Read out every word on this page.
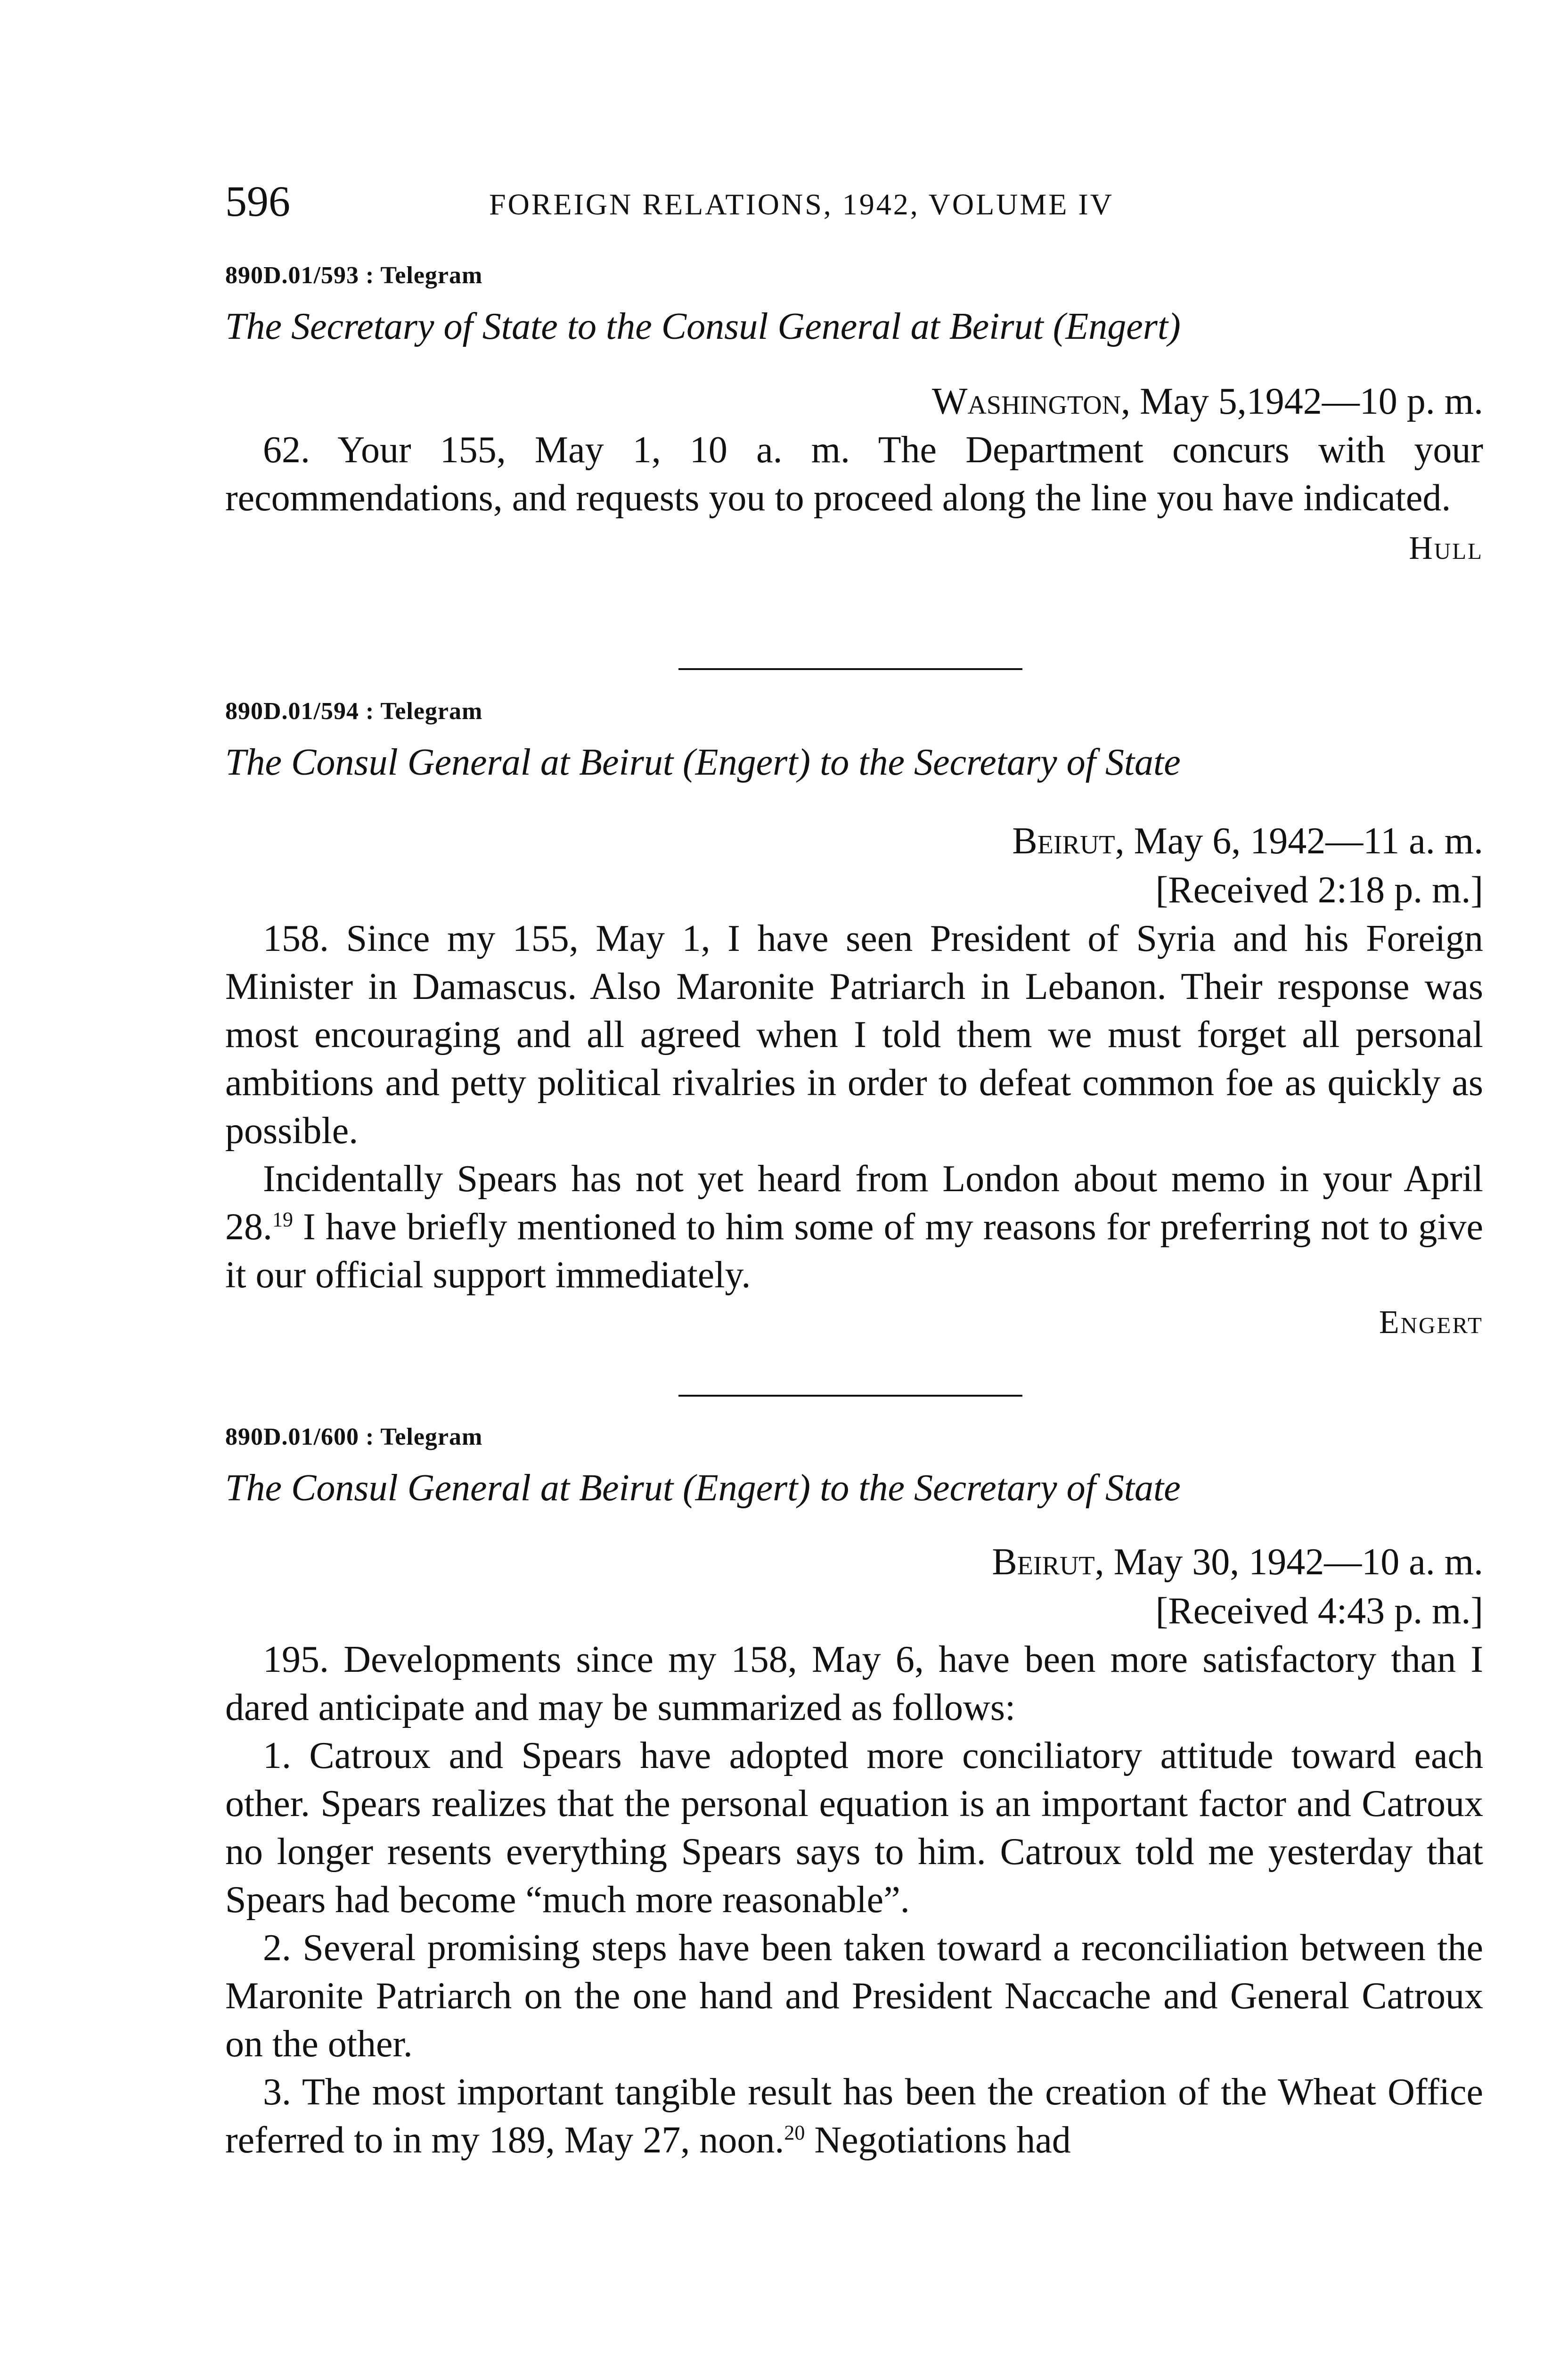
596	FOREIGN RELATIONS, 1942, VOLUME IV
890D.01/593 : Telegram
The Secretary of State to the Consul General at Beirut (Engert)
Washington, May 5,1942—10 p. m.

62. Your 155, May 1, 10 a. m. The Department concurs with your recommendations, and requests you to proceed along the line you have indicated.

Hull
890D.01/594 : Telegram
The Consul General at Beirut (Engert) to the Secretary of State
Beirut, May 6, 1942—11 a. m.
[Received 2:18 p. m.]

158. Since my 155, May 1, I have seen President of Syria and his Foreign Minister in Damascus. Also Maronite Patriarch in Lebanon. Their response was most encouraging and all agreed when I told them we must forget all personal ambitions and petty political rivalries in order to defeat common foe as quickly as possible.

Incidentally Spears has not yet heard from London about memo in your April 28.19 I have briefly mentioned to him some of my reasons for preferring not to give it our official support immediately.

Engert
890D.01/600 : Telegram
The Consul General at Beirut (Engert) to the Secretary of State
Beirut, May 30, 1942—10 a. m.
[Received 4:43 p. m.]

195. Developments since my 158, May 6, have been more satisfactory than I dared anticipate and may be summarized as follows:

1. Catroux and Spears have adopted more conciliatory attitude toward each other. Spears realizes that the personal equation is an important factor and Catroux no longer resents everything Spears says to him. Catroux told me yesterday that Spears had become “much more reasonable”.

2. Several promising steps have been taken toward a reconciliation between the Maronite Patriarch on the one hand and President Naccache and General Catroux on the other.

3. The most important tangible result has been the creation of the Wheat Office referred to in my 189, May 27, noon.$^{20}$ Negotiations had
